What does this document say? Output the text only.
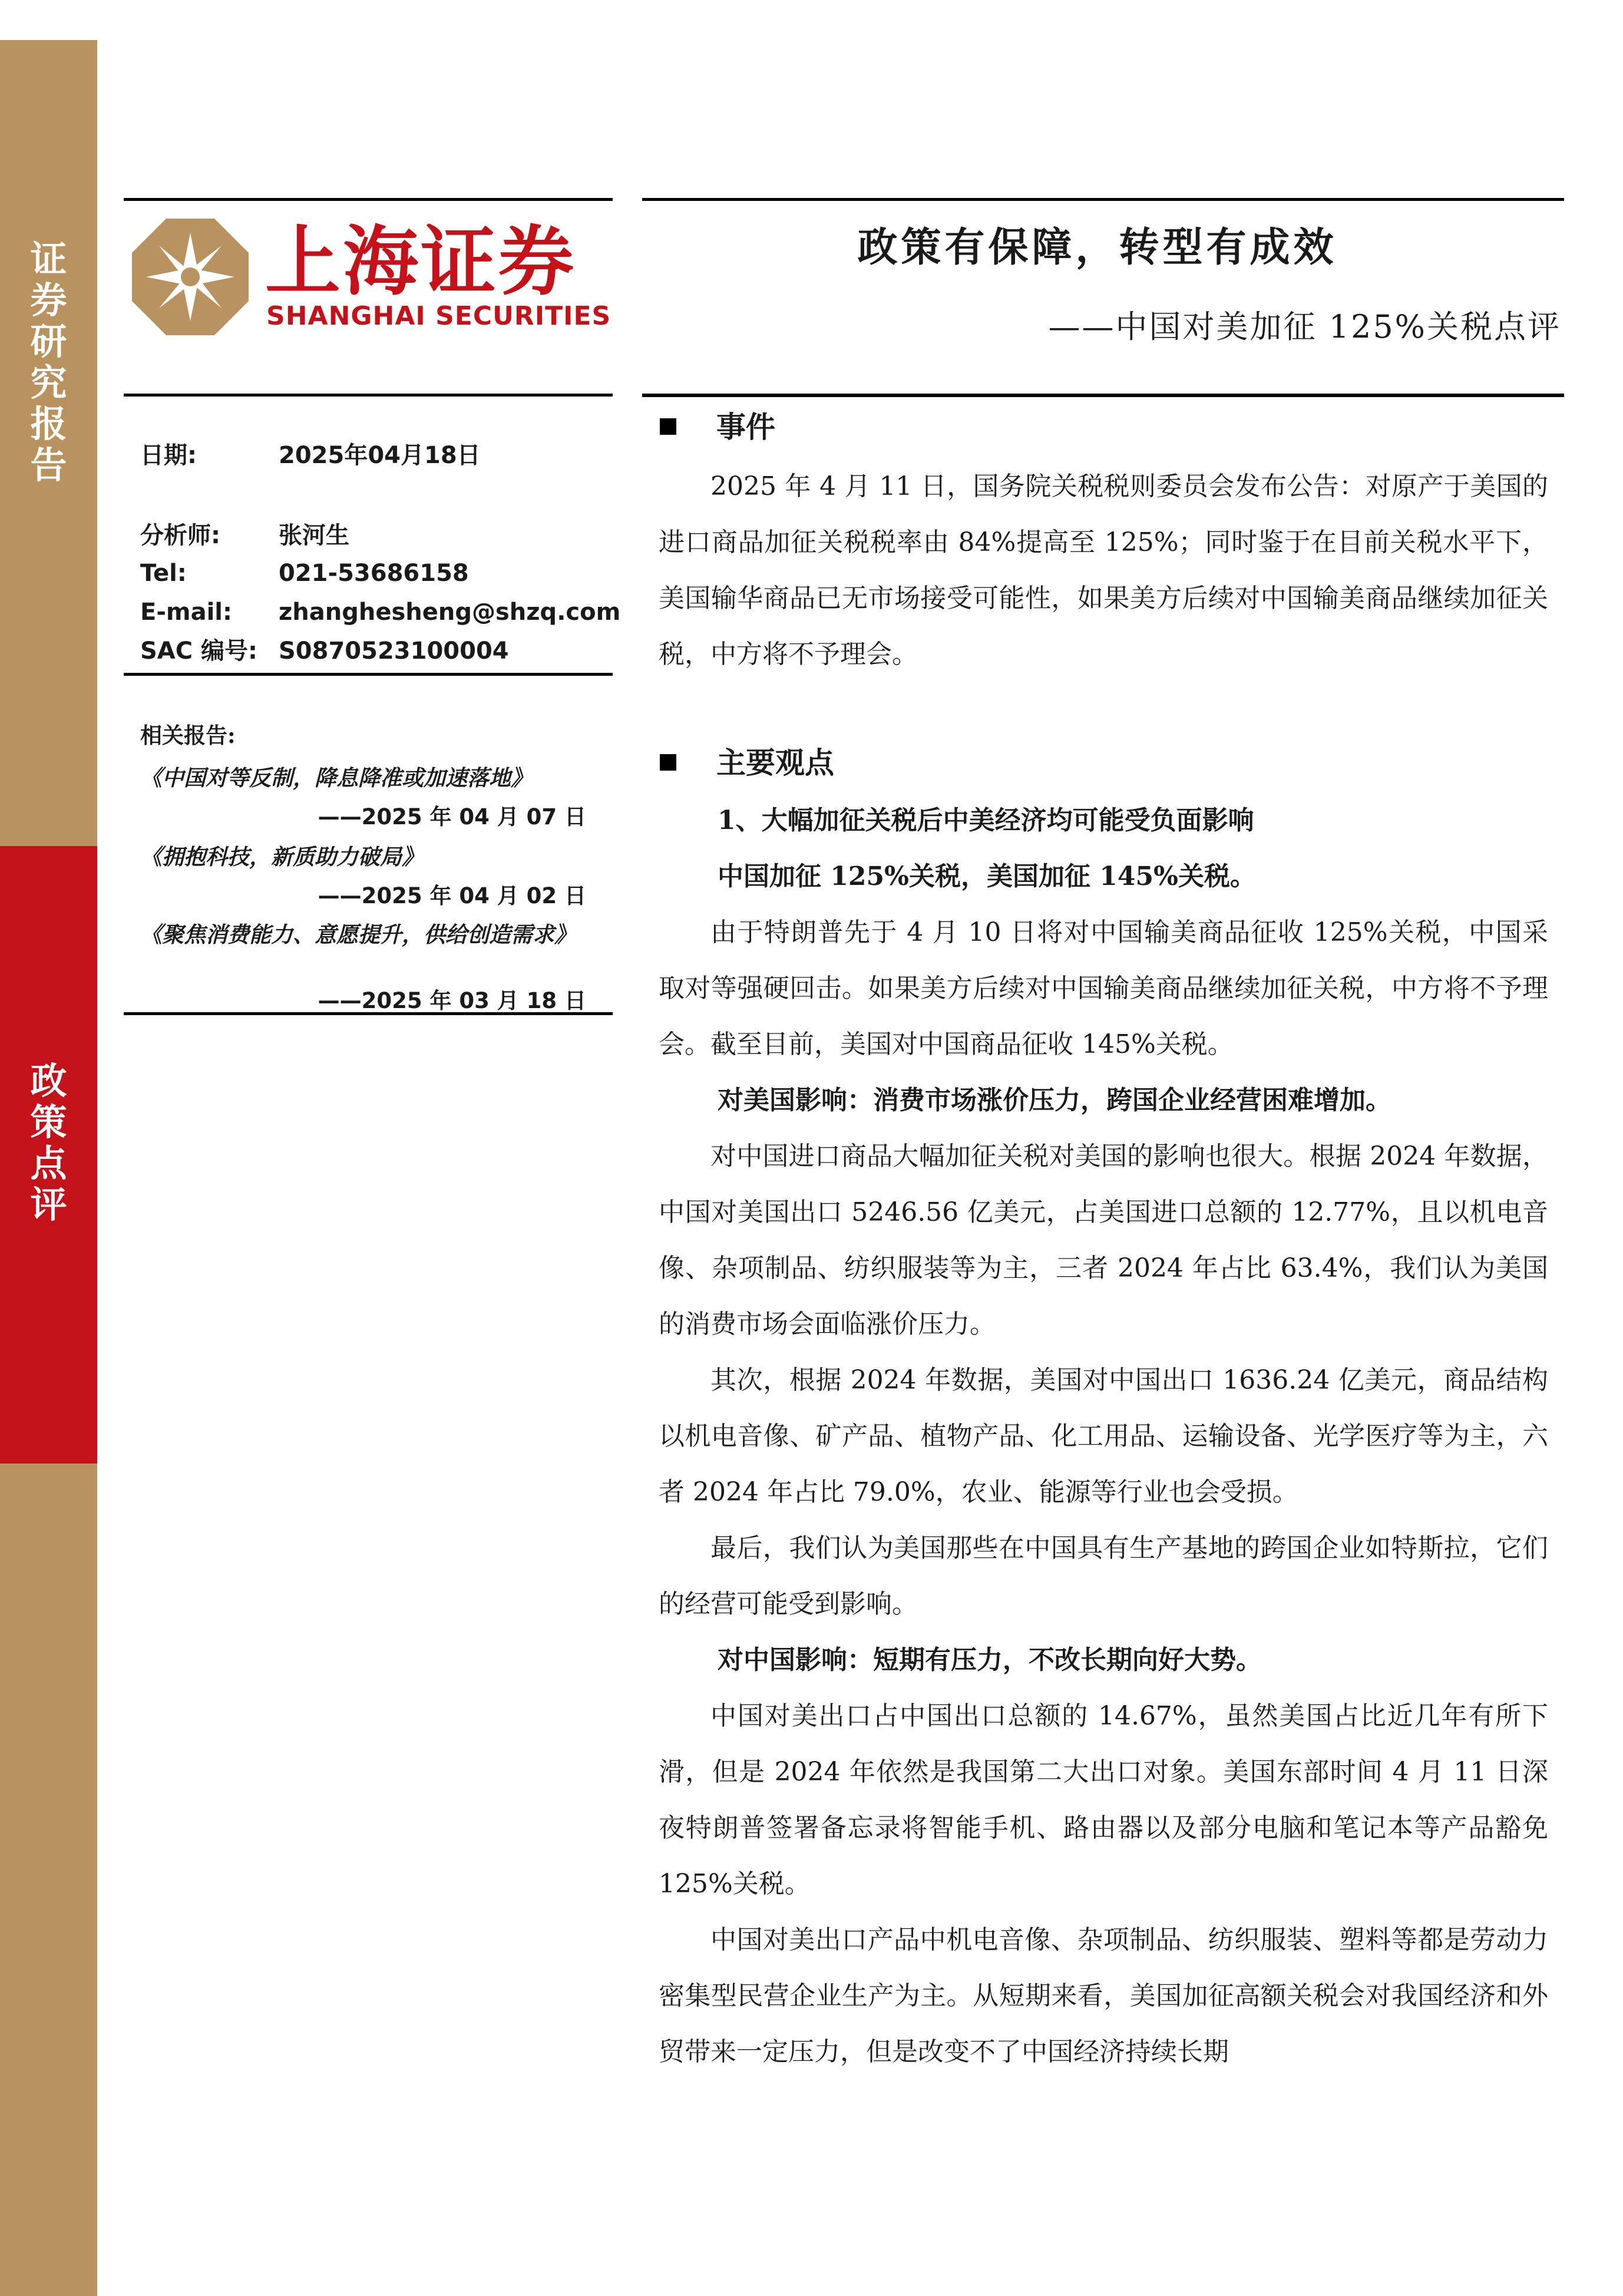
证
券
研
究
报
告
政
策
点
评
上海证券
SHANGHAI SECURITIES
政策有保障，转型有成效
——中国对美加征 125%关税点评
日期:	2025年04月18日
分析师: 张河生
Tel:	021-53686158
E-mail: zhanghesheng@shzq.com
SAC 编号: S0870523100004
相关报告:
《中国对等反制，降息降准或加速落地》
——2025 年 04 月 07 日
《拥抱科技，新质助力破局》
——2025 年 04 月 02 日
《聚焦消费能力、意愿提升，供给创造需求》
——2025 年 03 月 18 日
事件

2025 年 4 月 11 日，国务院关税税则委员会发布公告：对原产于美国的进口商品加征关税税率由 84%提高至 125%；同时鉴于在目前关税水平下，美国输华商品已无市场接受可能性，如果美方后续对中国输美商品继续加征关税，中方将不予理会。

主要观点

1、大幅加征关税后中美经济均可能受负面影响

中国加征 125%关税，美国加征 145%关税。

由于特朗普先于 4 月 10 日将对中国输美商品征收 125%关税，中国采取对等强硬回击。如果美方后续对中国输美商品继续加征关税，中方将不予理会。截至目前，美国对中国商品征收 145%关税。

对美国影响：消费市场涨价压力，跨国企业经营困难增加。

对中国进口商品大幅加征关税对美国的影响也很大。根据 2024 年数据，中国对美国出口 5246.56 亿美元，占美国进口总额的 12.77%，且以机电音像、杂项制品、纺织服装等为主，三者 2024 年占比 63.4%，我们认为美国的消费市场会面临涨价压力。

其次，根据 2024 年数据，美国对中国出口 1636.24 亿美元，商品结构以机电音像、矿产品、植物产品、化工用品、运输设备、光学医疗等为主，六者 2024 年占比 79.0%，农业、能源等行业也会受损。

最后，我们认为美国那些在中国具有生产基地的跨国企业如特斯拉，它们的经营可能受到影响。

对中国影响：短期有压力，不改长期向好大势。

中国对美出口占中国出口总额的 14.67%，虽然美国占比近几年有所下滑，但是 2024 年依然是我国第二大出口对象。美国东部时间 4 月 11 日深夜特朗普签署备忘录将智能手机、路由器以及部分电脑和笔记本等产品豁免 125%关税。

中国对美出口产品中机电音像、杂项制品、纺织服装、塑料等都是劳动力密集型民营企业生产为主。从短期来看，美国加征高额关税会对我国经济和外贸带来一定压力，但是改变不了中国经济持续长期
